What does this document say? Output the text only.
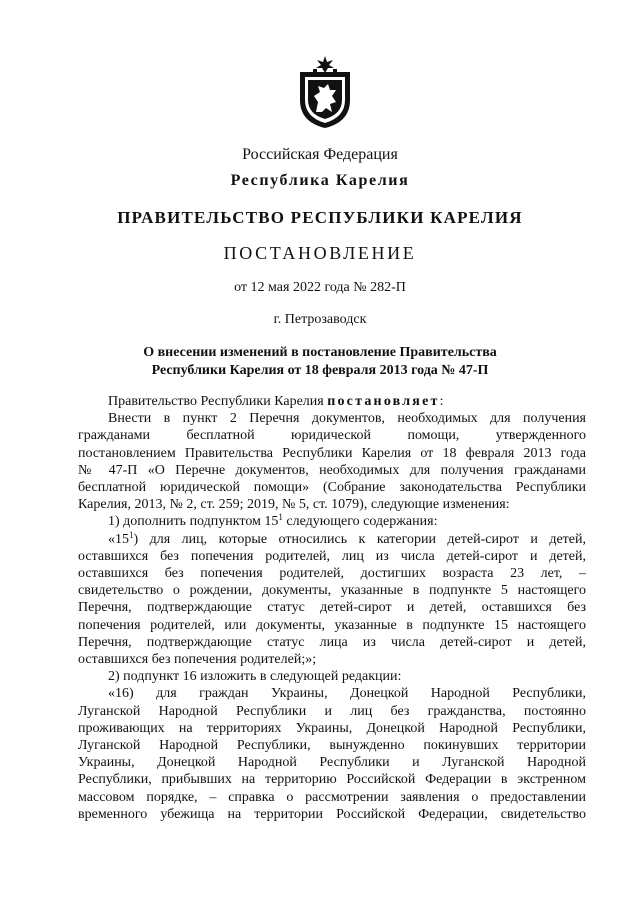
Российская Федерация
Республика Карелия
ПРАВИТЕЛЬСТВО РЕСПУБЛИКИ КАРЕЛИЯ
ПОСТАНОВЛЕНИЕ
от 12 мая 2022 года № 282-П
г. Петрозаводск
О внесении изменений в постановление Правительства
Республики Карелия от 18 февраля 2013 года № 47-П

Правительство Республики Карелия постановляет:

Внести в пункт 2 Перечня документов, необходимых для получения

гражданами бесплатной юридической помощи, утвержденного

постановлением Правительства Республики Карелия от 18 февраля 2013 года

№ 47-П «О Перечне документов, необходимых для получения гражданами

бесплатной юридической помощи» (Собрание законодательства Республики

Карелия, 2013, № 2, ст. 259; 2019, № 5, ст. 1079), следующие изменения:

1) дополнить подпунктом $15^1$ следующего содержания:

«$15^1$) для лиц, которые относились к категории детей-сирот и детей,

оставшихся без попечения родителей, лиц из числа детей-сирот и детей,

оставшихся без попечения родителей, достигших возраста 23 лет, –

свидетельство о рождении, документы, указанные в подпункте 5 настоящего

Перечня, подтверждающие статус детей-сирот и детей, оставшихся без

попечения родителей, или документы, указанные в подпункте 15 настоящего

Перечня, подтверждающие статус лица из числа детей-сирот и детей,

оставшихся без попечения родителей;»;

2) подпункт 16 изложить в следующей редакции:

«16) для граждан Украины, Донецкой Народной Республики,

Луганской Народной Республики и лиц без гражданства, постоянно

проживающих на территориях Украины, Донецкой Народной Республики,

Луганской Народной Республики, вынужденно покинувших территории

Украины, Донецкой Народной Республики и Луганской Народной

Республики, прибывших на территорию Российской Федерации в экстренном

массовом порядке, – справка о рассмотрении заявления о предоставлении

временного убежища на территории Российской Федерации, свидетельство
